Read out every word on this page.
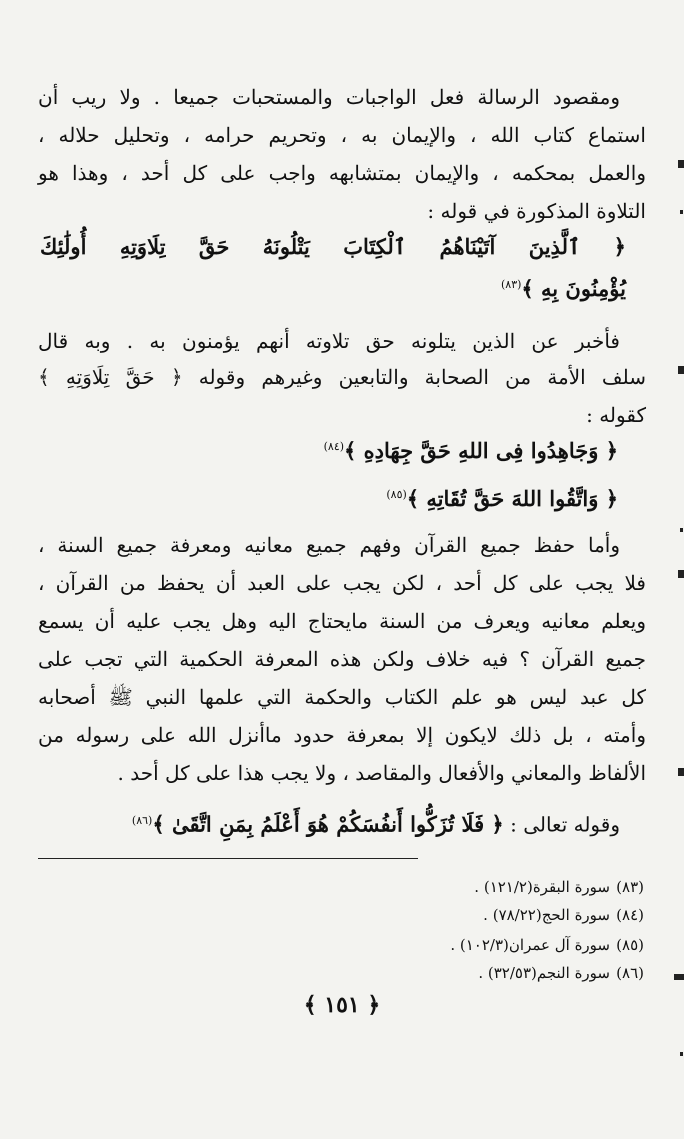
ومقصود الرسالة فعل الواجبات والمستحبات جميعا . ولا ريب أن
استماع كتاب الله ، والإيمان به ، وتحريم حرامه ، وتحليل حلاله ،
والعمل بمحكمه ، والإيمان بمتشابهه واجب على كل أحد ، وهذا هو
التلاوة المذكورة في قوله :
﴿ ٱلَّذِينَ آتَيْنَاهُمُ ٱلْكِتَابَ يَتْلُونَهُ حَقَّ تِلَاوَتِهِ أُولَٰئِكَ
يُؤْمِنُونَ بِهِ ﴾$^{(٨٣)}$
فأخبر عن الذين يتلونه حق تلاوته أنهم يؤمنون به . وبه قال
سلف الأمة من الصحابة والتابعين وغيرهم وقوله ﴿ حَقَّ تِلَاوَتِهِ ﴾
كقوله :
﴿ وَجَاهِدُوا فِى اللهِ حَقَّ جِهَادِهِ ﴾$^{(٨٤)}$
﴿ وَاتَّقُوا اللهَ حَقَّ تُقَاتِهِ ﴾$^{(٨٥)}$
وأما حفظ جميع القرآن وفهم جميع معانيه ومعرفة جميع السنة ،
فلا يجب على كل أحد ، لكن يجب على العبد أن يحفظ من القرآن ،
ويعلم معانيه ويعرف من السنة مايحتاج اليه وهل يجب عليه أن يسمع
جميع القرآن ؟ فيه خلاف ولكن هذه المعرفة الحكمية التي تجب على
كل عبد ليس هو علم الكتاب والحكمة التي علمها النبي ﷺ أصحابه
وأمته ، بل ذلك لايكون إلا بمعرفة حدود ماأنزل الله على رسوله من
الألفاظ والمعاني والأفعال والمقاصد ، ولا يجب هذا على كل أحد .
وقوله تعالى : ﴿ فَلَا تُزَكُّوا أَنفُسَكُمْ هُوَ أَعْلَمُ بِمَنِ اتَّقَىٰ ﴾$^{(٨٦)}$
(٨٣)سورة البقرة(١٢١/٢) .
(٨٤)سورة الحج(٧٨/٢٢) .
(٨٥)سورة آل عمران(١٠٢/٣) .
(٨٦)سورة النجم(٣٢/٥٣) .
﴿ ١٥١ ﴾
